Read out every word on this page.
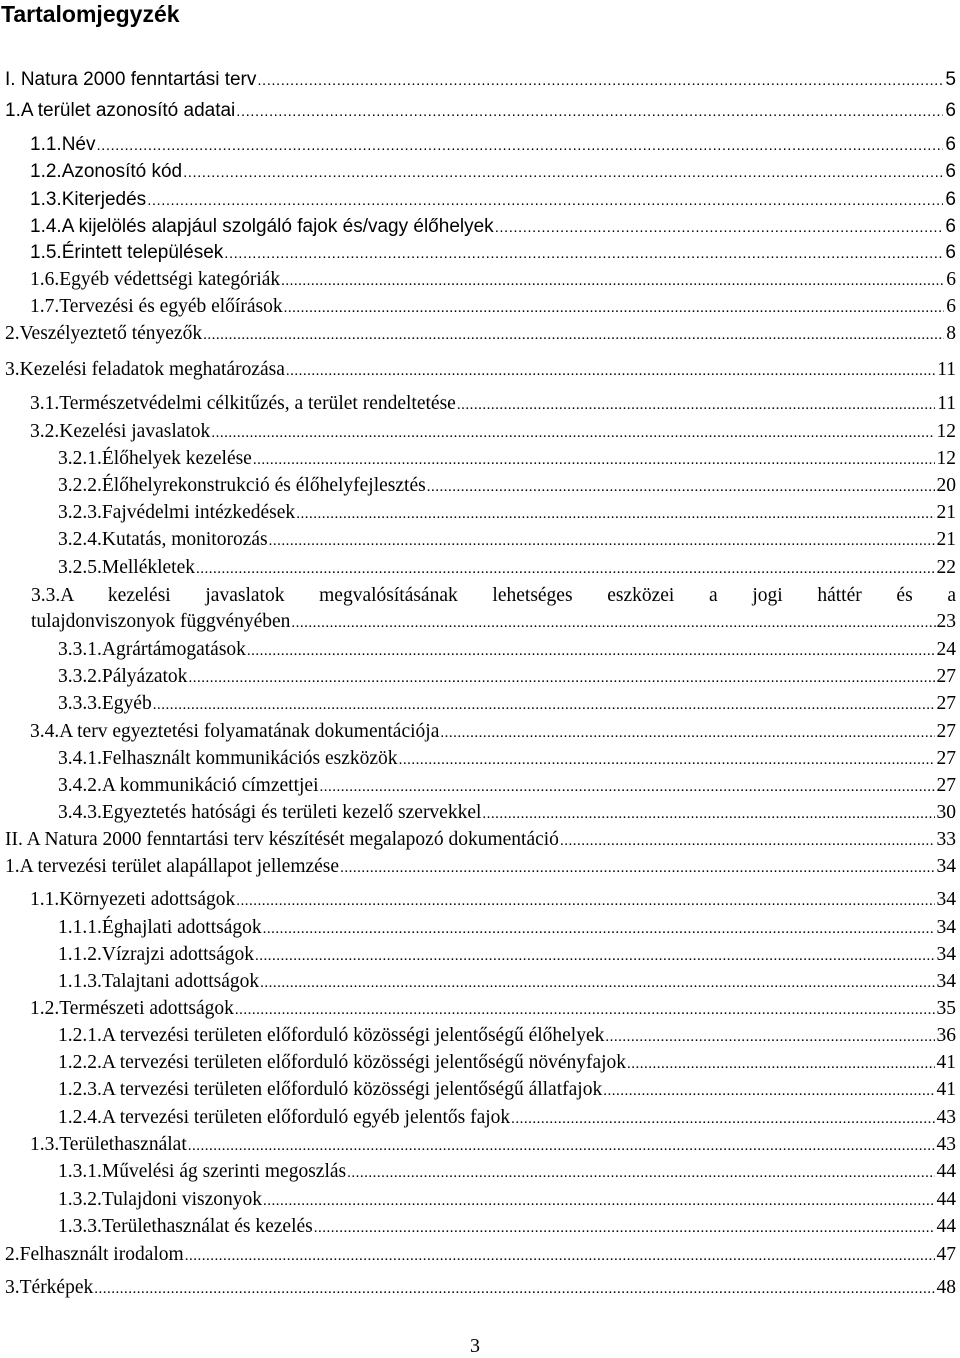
Tartalomjegyzék
I. Natura 2000 fenntartási terv .....	5
1.A terület azonosító adatai .....	6
1.1.Név .....	6
1.2.Azonosító kód .....	6
1.3.Kiterjedés .....	6
1.4.A kijelölés alapjául szolgáló fajok és/vagy élőhelyek .....	6
1.5.Érintett települések .....	6
1.6.Egyéb védettségi kategóriák .....	6
1.7.Tervezési és egyéb előírások .....	6
2.Veszélyeztető tényezők .....	8
3.Kezelési feladatok meghatározása .....	11
3.1.Természetvédelmi célkitűzés, a terület rendeltetése .....	11
3.2.Kezelési javaslatok .....	12
3.2.1.Élőhelyek kezelése .....	12
3.2.2.Élőhelyrekonstrukció és élőhelyfejlesztés .....	20
3.2.3.Fajvédelmi intézkedések .....	21
3.2.4.Kutatás, monitorozás .....	21
3.2.5.Mellékletek .....	22
3.3.A kezelési javaslatok megvalósításának lehetséges eszközei a jogi háttér és a
tulajdonviszonyok függvényében .....	23
3.3.1.Agrártámogatások .....	24
3.3.2.Pályázatok .....	27
3.3.3.Egyéb .....	27
3.4.A terv egyeztetési folyamatának dokumentációja .....	27
3.4.1.Felhasznált kommunikációs eszközök .....	27
3.4.2.A kommunikáció címzettjei .....	27
3.4.3.Egyeztetés hatósági és területi kezelő szervekkel .....	30
II. A Natura 2000 fenntartási terv készítését megalapozó dokumentáció .....	33
1.A tervezési terület alapállapot jellemzése .....	34
1.1.Környezeti adottságok .....	34
1.1.1.Éghajlati adottságok .....	34
1.1.2.Vízrajzi adottságok .....	34
1.1.3.Talajtani adottságok .....	34
1.2.Természeti adottságok .....	35
1.2.1.A tervezési területen előforduló közösségi jelentőségű élőhelyek .....	36
1.2.2.A tervezési területen előforduló közösségi jelentőségű növényfajok .....	41
1.2.3.A tervezési területen előforduló közösségi jelentőségű állatfajok .....	41
1.2.4.A tervezési területen előforduló egyéb jelentős fajok .....	43
1.3.Területhasználat .....	43
1.3.1.Művelési ág szerinti megoszlás .....	44
1.3.2.Tulajdoni viszonyok .....	44
1.3.3.Területhasználat és kezelés .....	44
2.Felhasznált irodalom .....	47
3.Térképek .....	48
3
